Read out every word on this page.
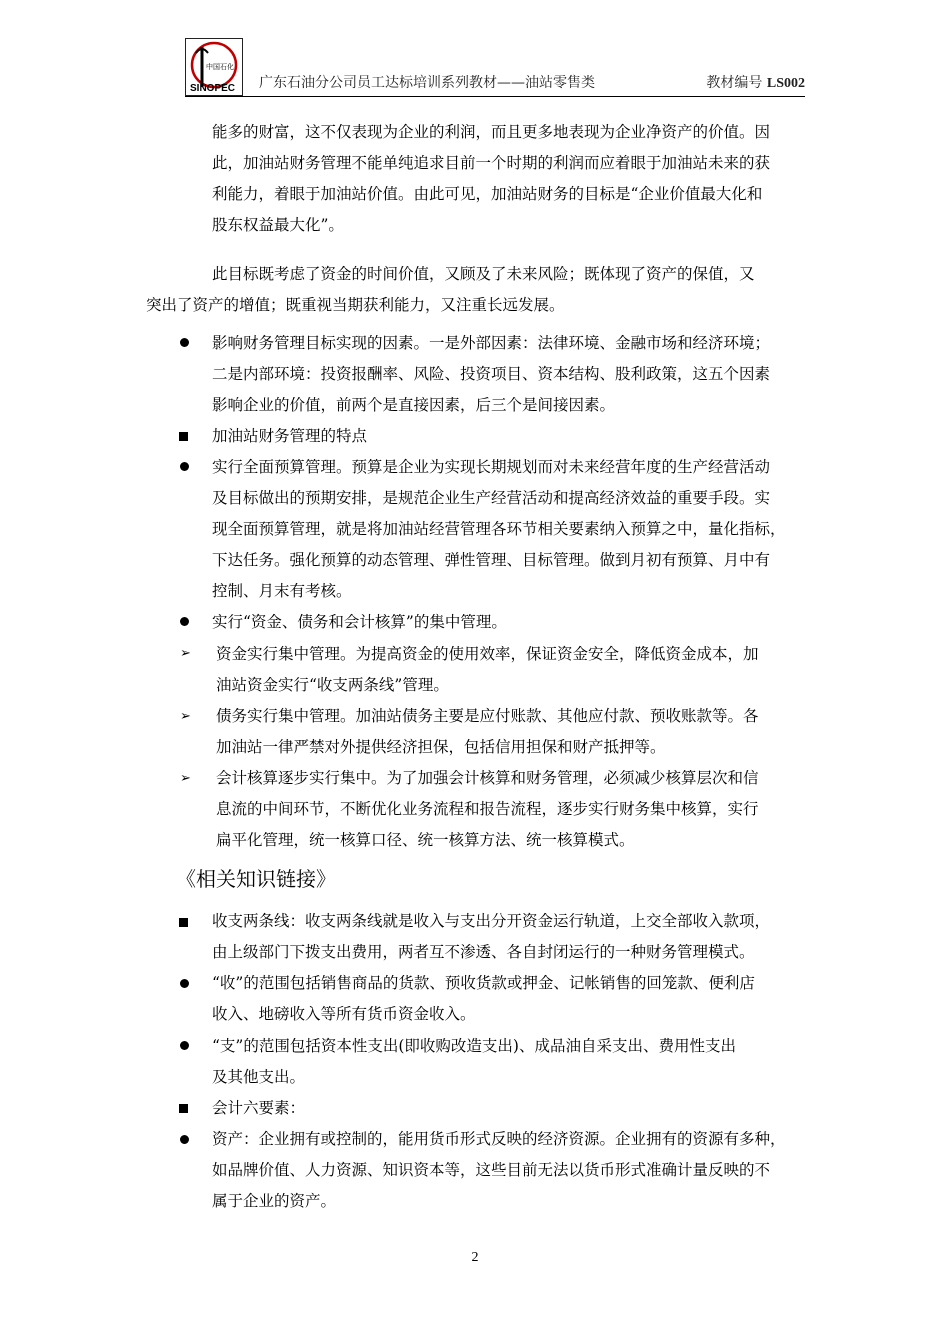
中国石化
SINOPEC 广东石油分公司员工达标培训系列教材——油站零售类	教材编号 LS002
能多的财富，这不仅表现为企业的利润，而且更多地表现为企业净资产的价值。因
此，加油站财务管理不能单纯追求目前一个时期的利润而应着眼于加油站未来的获
利能力，着眼于加油站价值。由此可见，加油站财务的目标是“企业价值最大化和
股东权益最大化”。
此目标既考虑了资金的时间价值，又顾及了未来风险；既体现了资产的保值，又
突出了资产的增值；既重视当期获利能力，又注重长远发展。
影响财务管理目标实现的因素。一是外部因素：法律环境、金融市场和经济环境；
二是内部环境：投资报酬率、风险、投资项目、资本结构、股利政策，这五个因素
影响企业的价值，前两个是直接因素，后三个是间接因素。
加油站财务管理的特点
实行全面预算管理。预算是企业为实现长期规划而对未来经营年度的生产经营活动
及目标做出的预期安排，是规范企业生产经营活动和提高经济效益的重要手段。实
现全面预算管理，就是将加油站经营管理各环节相关要素纳入预算之中，量化指标，
下达任务。强化预算的动态管理、弹性管理、目标管理。做到月初有预算、月中有
控制、月末有考核。
实行“资金、债务和会计核算”的集中管理。
➢ 资金实行集中管理。为提高资金的使用效率，保证资金安全，降低资金成本，加
油站资金实行“收支两条线”管理。
➢ 债务实行集中管理。加油站债务主要是应付账款、其他应付款、预收账款等。各
加油站一律严禁对外提供经济担保，包括信用担保和财产抵押等。
➢ 会计核算逐步实行集中。为了加强会计核算和财务管理，必须减少核算层次和信
息流的中间环节，不断优化业务流程和报告流程，逐步实行财务集中核算，实行
扁平化管理，统一核算口径、统一核算方法、统一核算模式。
《相关知识链接》
收支两条线：收支两条线就是收入与支出分开资金运行轨道，上交全部收入款项，
由上级部门下拨支出费用，两者互不渗透、各自封闭运行的一种财务管理模式。
“收”的范围包括销售商品的货款、预收货款或押金、记帐销售的回笼款、便利店
收入、地磅收入等所有货币资金收入。
“支”的范围包括资本性支出(即收购改造支出)、成品油自采支出、费用性支出
及其他支出。
会计六要素：
资产：企业拥有或控制的，能用货币形式反映的经济资源。企业拥有的资源有多种，
如品牌价值、人力资源、知识资本等，这些目前无法以货币形式准确计量反映的不
属于企业的资产。
2
